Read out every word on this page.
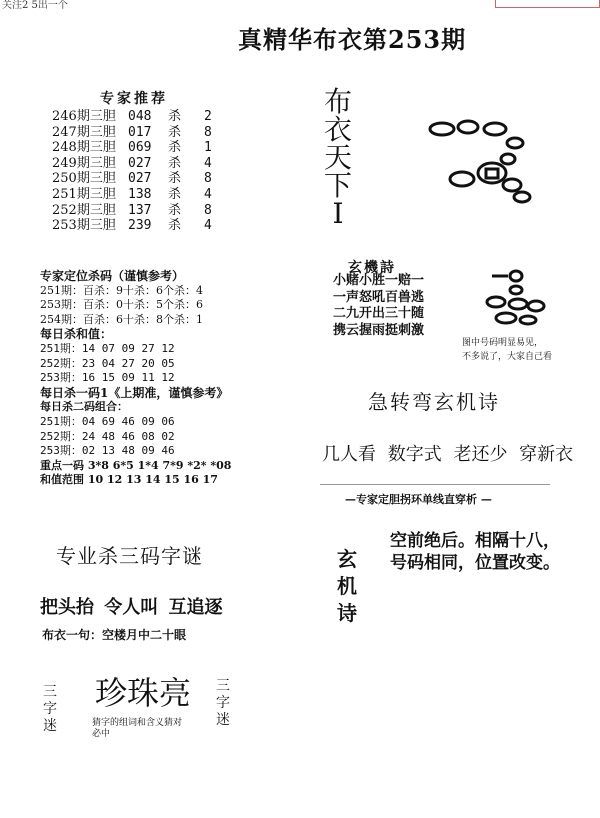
关注2 5出一个
真精华布衣第253期
专家推荐
246期三胆 048 杀 2
247期三胆 017 杀 8
248期三胆 069 杀 1
249期三胆 027 杀 4
250期三胆 027 杀 8
251期三胆 138 杀 4
252期三胆 137 杀 8
253期三胆 239 杀 4
专家定位杀码（谨慎参考）
251期：百杀：9十杀：6个杀：4
253期：百杀：0十杀：5个杀：6
254期：百杀：6十杀：8个杀：1
每日杀和值：
251期：14 07 09 27 12
252期：23 04 27 20 05
253期：16 15 09 11 12
每日杀一码1《上期准，谨慎参考》
每日杀二码组合：
251期：04 69 46 09 06
252期：24 48 46 08 02
253期：02 13 48 09 46
重点一码 3*8 6*5 1*4 7*9 *2* *08
和值范围 10 12 13 14 15 16 17
专业杀三码字谜
把头抬 令人叫 互追逐
布衣一句：空楼月中二十眼
三字迷
珍珠亮 三字迷
猜字的组词和含义猜对必中
布衣天下I
玄機詩
小赌小胜一赔一
一声怒吼百兽逃
二九开出三十随
携云握雨挺刺激
图中号码明显易见，
不多说了，大家自己看
急转弯玄机诗
几人看 数字式 老还少 穿新衣
—专家定胆拐环单线直穿析 —
玄机诗
空前绝后。相隔十八，
号码相同，位置改变。
